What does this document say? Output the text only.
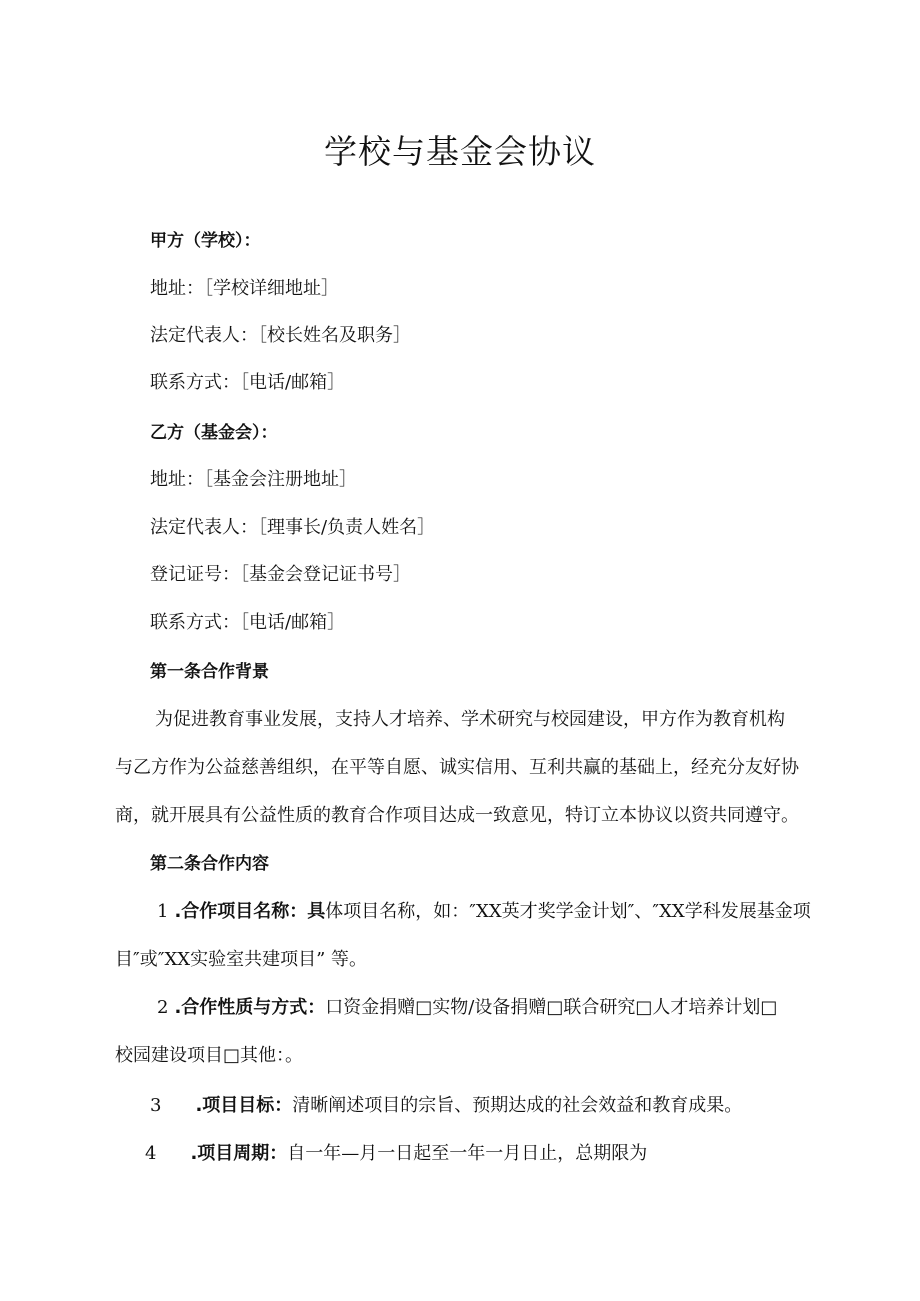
学校与基金会协议
甲方（学校）：
地址：［学校详细地址］
法定代表人：［校长姓名及职务］
联系方式：［电话/邮箱］
乙方（基金会）：
地址：［基金会注册地址］
法定代表人：［理事长/负责人姓名］
登记证号：［基金会登记证书号］
联系方式：［电话/邮箱］
第一条合作背景
为促进教育事业发展，支持人才培养、学术研究与校园建设，甲方作为教育机构
与乙方作为公益慈善组织，在平等自愿、诚实信用、互利共赢的基础上，经充分友好协
商，就开展具有公益性质的教育合作项目达成一致意见，特订立本协议以资共同遵守。
第二条合作内容
1 .合作项目名称：具体项目名称，如：″XX英才奖学金计划″、″XX学科发展基金项
目″或″XX实验室共建项目” 等。
2 .合作性质与方式：口资金捐赠□实物/设备捐赠□联合研究□人才培养计划□
校园建设项目□其他：。
3 .项目目标：清晰阐述项目的宗旨、预期达成的社会效益和教育成果。
4 .项目周期：自一年—月一日起至一年一月日止，总期限为
